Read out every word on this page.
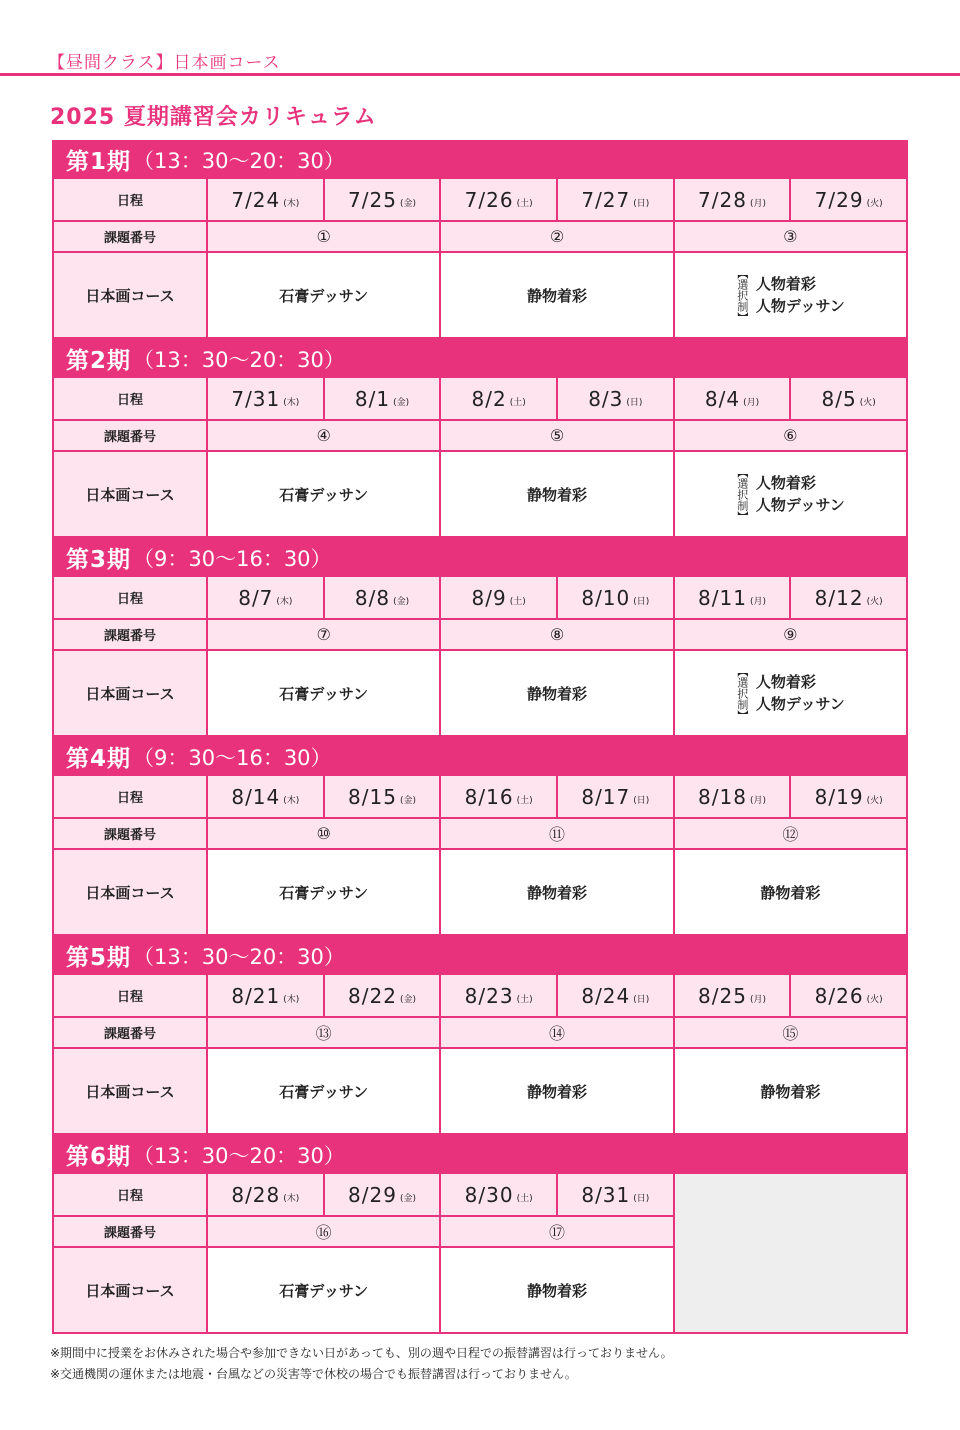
【昼間クラス】日本画コース
2025 夏期講習会カリキュラム
第1期 （13：30〜20：30）
日程	7/24 (木) 7/25 (金) 7/26 (土) 7/27 (日) 7/28 (月) 7/29 (火)
課題番号	①	②	③
日本画コース	石膏デッサン	静物着彩	【選択制】 人物着彩
人物デッサン
第2期 （13：30〜20：30）
日程	7/31 (木)	8/1 (金)	8/2 (土)	8/3 (日)	8/4 (月)	8/5 (火)
課題番号	④	⑤	⑥
日本画コース	石膏デッサン	静物着彩	【選択制】 人物着彩
人物デッサン
第3期 （9：30〜16：30）
日程	8/7 (木)	8/8 (金)	8/9 (土)	8/10 (日) 8/11 (月) 8/12 (火)
課題番号	⑦	⑧	⑨
日本画コース	石膏デッサン	静物着彩	【選択制】 人物着彩
人物デッサン
第4期 （9：30〜16：30）
日程	8/14 (木) 8/15 (金) 8/16 (土) 8/17 (日) 8/18 (月) 8/19 (火)
課題番号	⑩	⑪	⑫
日本画コース	石膏デッサン	静物着彩	静物着彩
第5期 （13：30〜20：30）
日程	8/21 (木) 8/22 (金) 8/23 (土) 8/24 (日) 8/25 (月) 8/26 (火)
課題番号	⑬	⑭	⑮
日本画コース	石膏デッサン	静物着彩	静物着彩
第6期 （13：30〜20：30）
日程	8/28 (木) 8/29 (金) 8/30 (土) 8/31 (日)
課題番号	⑯	⑰
日本画コース	石膏デッサン	静物着彩
※期間中に授業をお休みされた場合や参加できない日があっても、別の週や日程での振替講習は行っておりません。
※交通機関の運休または地震・台風などの災害等で休校の場合でも振替講習は行っておりません。
